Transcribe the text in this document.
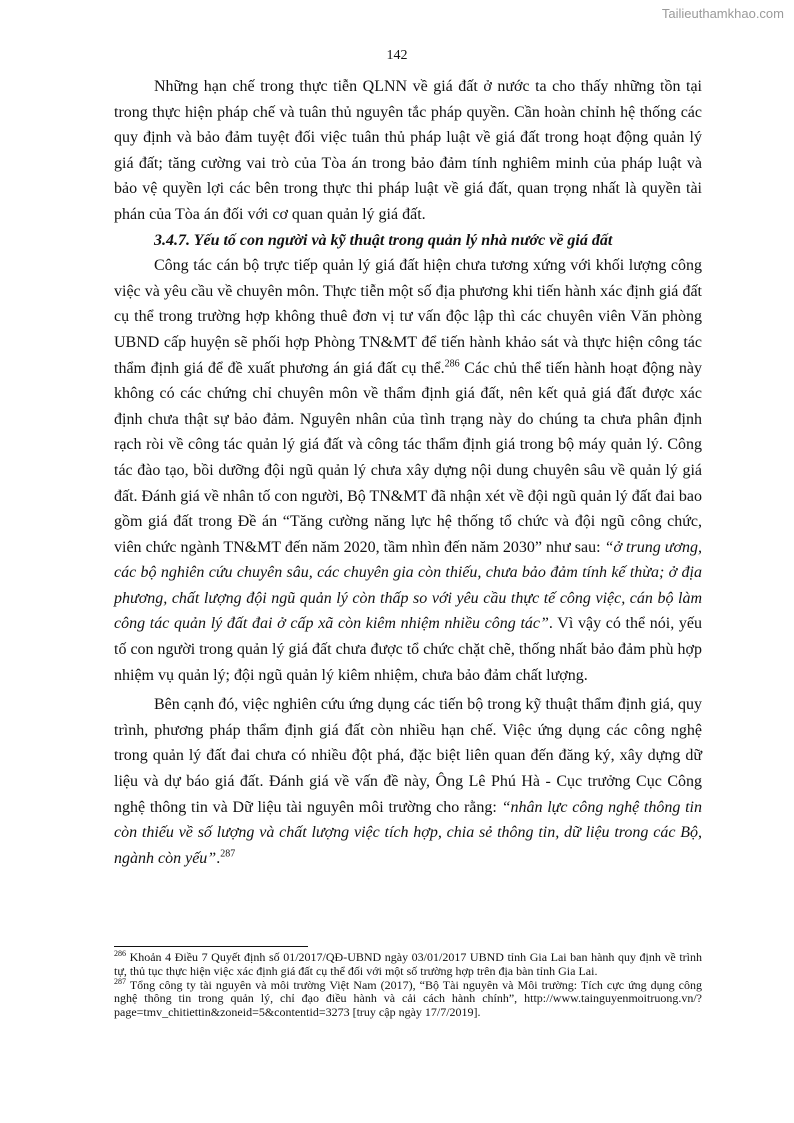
Tailieuthamkhao.com
142

Những hạn chế trong thực tiễn QLNN về giá đất ở nước ta cho thấy những tồn tại trong thực hiện pháp chế và tuân thủ nguyên tắc pháp quyền. Cần hoàn chỉnh hệ thống các quy định và bảo đảm tuyệt đối việc tuân thủ pháp luật về giá đất trong hoạt động quản lý giá đất; tăng cường vai trò của Tòa án trong bảo đảm tính nghiêm minh của pháp luật và bảo vệ quyền lợi các bên trong thực thi pháp luật về giá đất, quan trọng nhất là quyền tài phán của Tòa án đối với cơ quan quản lý giá đất.

3.4.7. Yếu tố con người và kỹ thuật trong quản lý nhà nước về giá đất

Công tác cán bộ trực tiếp quản lý giá đất hiện chưa tương xứng với khối lượng công việc và yêu cầu về chuyên môn. Thực tiễn một số địa phương khi tiến hành xác định giá đất cụ thể trong trường hợp không thuê đơn vị tư vấn độc lập thì các chuyên viên Văn phòng UBND cấp huyện sẽ phối hợp Phòng TN&MT để tiến hành khảo sát và thực hiện công tác thẩm định giá để đề xuất phương án giá đất cụ thể.$^{286}$ Các chủ thể tiến hành hoạt động này không có các chứng chỉ chuyên môn về thẩm định giá đất, nên kết quả giá đất được xác định chưa thật sự bảo đảm. Nguyên nhân của tình trạng này do chúng ta chưa phân định rạch ròi về công tác quản lý giá đất và công tác thẩm định giá trong bộ máy quản lý. Công tác đào tạo, bồi dưỡng đội ngũ quản lý chưa xây dựng nội dung chuyên sâu về quản lý giá đất. Đánh giá về nhân tố con người, Bộ TN&MT đã nhận xét về đội ngũ quản lý đất đai bao gồm giá đất trong Đề án “Tăng cường năng lực hệ thống tổ chức và đội ngũ công chức, viên chức ngành TN&MT đến năm 2020, tầm nhìn đến năm 2030” như sau: “ở trung ương, các bộ nghiên cứu chuyên sâu, các chuyên gia còn thiếu, chưa bảo đảm tính kế thừa; ở địa phương, chất lượng đội ngũ quản lý còn thấp so với yêu cầu thực tế công việc, cán bộ làm công tác quản lý đất đai ở cấp xã còn kiêm nhiệm nhiều công tác”. Vì vậy có thể nói, yếu tố con người trong quản lý giá đất chưa được tổ chức chặt chẽ, thống nhất bảo đảm phù hợp nhiệm vụ quản lý; đội ngũ quản lý kiêm nhiệm, chưa bảo đảm chất lượng.

Bên cạnh đó, việc nghiên cứu ứng dụng các tiến bộ trong kỹ thuật thẩm định giá, quy trình, phương pháp thẩm định giá đất còn nhiều hạn chế. Việc ứng dụng các công nghệ trong quản lý đất đai chưa có nhiều đột phá, đặc biệt liên quan đến đăng ký, xây dựng dữ liệu và dự báo giá đất. Đánh giá về vấn đề này, Ông Lê Phú Hà - Cục trưởng Cục Công nghệ thông tin và Dữ liệu tài nguyên môi trường cho rằng: “nhân lực công nghệ thông tin còn thiếu về số lượng và chất lượng việc tích hợp, chia sẻ thông tin, dữ liệu trong các Bộ, ngành còn yếu”.$^{287}$

$^{286}$ Khoản 4 Điều 7 Quyết định số 01/2017/QĐ-UBND ngày 03/01/2017 UBND tỉnh Gia Lai ban hành quy định về trình tự, thủ tục thực hiện việc xác định giá đất cụ thể đối với một số trường hợp trên địa bàn tỉnh Gia Lai.

$^{287}$ Tổng công ty tài nguyên và môi trường Việt Nam (2017), “Bộ Tài nguyên và Môi trường: Tích cực ứng dụng công nghệ thông tin trong quản lý, chỉ đạo điều hành và cải cách hành chính”, http://www.tainguyenmoitruong.vn/?page=tmv_chitiettin&zoneid=5&contentid=3273 [truy cập ngày 17/7/2019].
